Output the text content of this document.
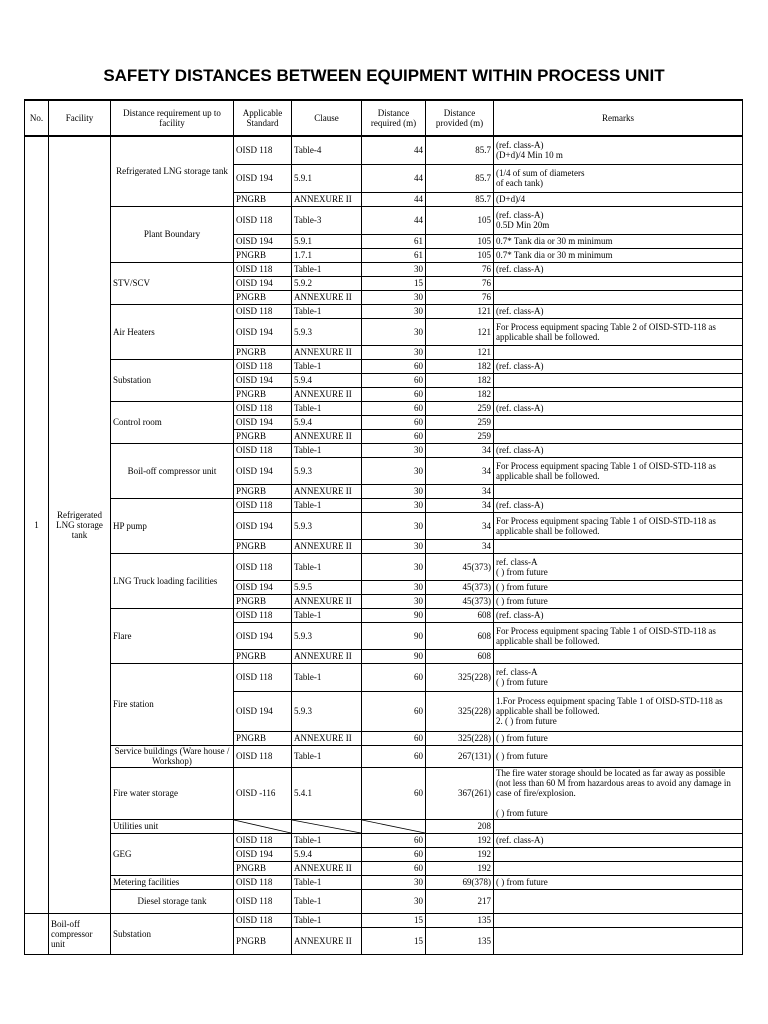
SAFETY DISTANCES BETWEEN EQUIPMENT WITHIN PROCESS UNIT
No.	Facility	Distance requirement up to facility	Applicable Standard	Clause	Distance required (m)	Distance provided (m)	Remarks
1	Refrigerated LNG storage tank	Refrigerated LNG storage tank	OISD 118	Table-4	44	85.7	(ref. class-A)
(D+d)/4 Min 10 m
			OISD 194	5.9.1	44	85.7	(1/4 of sum of diameters
of each tank)
			PNGRB	ANNEXURE II	44	85.7	(D+d)/4
		Plant Boundary	OISD 118	Table-3	44	105	(ref. class-A)
0.5D Min 20m
			OISD 194	5.9.1	61	105	0.7* Tank dia or 30 m minimum
			PNGRB	1.7.1	61	105	0.7* Tank dia or 30 m minimum
		STV/SCV	OISD 118	Table-1	30	76	(ref. class-A)
			OISD 194	5.9.2	15	76	
			PNGRB	ANNEXURE II	30	76	
		Air Heaters	OISD 118	Table-1	30	121	(ref. class-A)
			OISD 194	5.9.3	30	121	For Process equipment spacing Table 2 of OISD-STD-118 as applicable shall be followed.
			PNGRB	ANNEXURE II	30	121	
		Substation	OISD 118	Table-1	60	182	(ref. class-A)
			OISD 194	5.9.4	60	182	
			PNGRB	ANNEXURE II	60	182	
		Control room	OISD 118	Table-1	60	259	(ref. class-A)
			OISD 194	5.9.4	60	259	
			PNGRB	ANNEXURE II	60	259	
		Boil-off compressor unit	OISD 118	Table-1	30	34	(ref. class-A)
			OISD 194	5.9.3	30	34	For Process equipment spacing Table 1 of OISD-STD-118 as applicable shall be followed.
			PNGRB	ANNEXURE II	30	34	
		HP pump	OISD 118	Table-1	30	34	(ref. class-A)
			OISD 194	5.9.3	30	34	For Process equipment spacing Table 1 of OISD-STD-118 as applicable shall be followed.
			PNGRB	ANNEXURE II	30	34	
		LNG Truck loading facilities	OISD 118	Table-1	30	45(373)	ref. class-A
( ) from future
			OISD 194	5.9.5	30	45(373)	( ) from future
			PNGRB	ANNEXURE II	30	45(373)	( ) from future
		Flare	OISD 118	Table-1	90	608	(ref. class-A)
			OISD 194	5.9.3	90	608	For Process equipment spacing Table 1 of OISD-STD-118 as applicable shall be followed.
			PNGRB	ANNEXURE II	90	608	
		Fire station	OISD 118	Table-1	60	325(228)	ref. class-A
( ) from future
			OISD 194	5.9.3	60	325(228)	1.For Process equipment spacing Table 1 of OISD-STD-118 as applicable shall be followed.
2. ( ) from future
			PNGRB	ANNEXURE II	60	325(228)	( ) from future
		Service buildings (Ware house / Workshop)	OISD 118	Table-1	60	267(131)	( ) from future
		Fire water storage	OISD -116	5.4.1	60	367(261)	The fire water storage should be located as far away as possible (not less than 60 M from hazardous areas to avoid any damage in case of fire/explosion.

( ) from future
		Utilities unit				208	
		GEG	OISD 118	Table-1	60	192	(ref. class-A)
			OISD 194	5.9.4	60	192	
			PNGRB	ANNEXURE II	60	192	
		Metering facilities	OISD 118	Table-1	30	69(378)	( ) from future
		Diesel storage tank	OISD 118	Table-1	30	217	
	Boil-off compressor unit	Substation	OISD 118	Table-1	15	135	
			PNGRB	ANNEXURE II	15	135	
